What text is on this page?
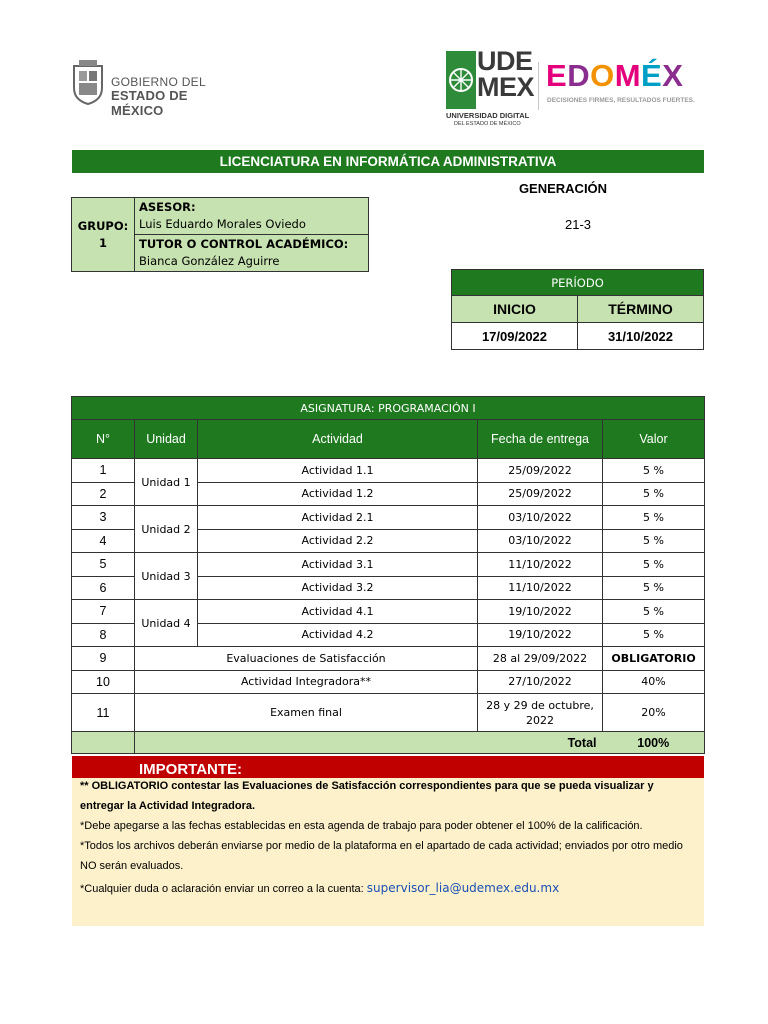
GOBIERNO DEL
ESTADO DE MÉXICO
UDE
MEX
UNIVERSIDAD DIGITAL
DEL ESTADO DE MÉXICO
EDOMÉX
DECISIONES FIRMES, RESULTADOS FUERTES.
LICENCIATURA EN INFORMÁTICA ADMINISTRATIVA
GENERACIÓN
21-3
GRUPO:
1

ASESOR:
Luis Eduardo Morales Oviedo

TUTOR O CONTROL ACADÉMICO:
Bianca González Aguirre
PERÍODO	
INICIO	TÉRMINO
17/09/2022	31/10/2022
ASIGNATURA: PROGRAMACIÓN I				
N°	Unidad	Actividad	Fecha de entrega	Valor
1	Unidad 1	Actividad 1.1	25/09/2022	5 %
2		Actividad 1.2	25/09/2022	5 %
3	Unidad 2	Actividad 2.1	03/10/2022	5 %
4		Actividad 2.2	03/10/2022	5 %
5	Unidad 3	Actividad 3.1	11/10/2022	5 %
6		Actividad 3.2	11/10/2022	5 %
7	Unidad 4	Actividad 4.1	19/10/2022	5 %
8		Actividad 4.2	19/10/2022	5 %
9	Evaluaciones de Satisfacción		28 al 29/09/2022	OBLIGATORIO
10	Actividad Integradora**		27/10/2022	40%
11	Examen final		28 y 29 de octubre, 2022	20%
	Total			100%
IMPORTANTE:
** OBLIGATORIO contestar las Evaluaciones de Satisfacción correspondientes para que se pueda visualizar y entregar la Actividad Integradora.
*Debe apegarse a las fechas establecidas en esta agenda de trabajo para poder obtener el 100% de la calificación.
*Todos los archivos deberán enviarse por medio de la plataforma en el apartado de cada actividad; enviados por otro medio NO serán evaluados.
*Cualquier duda o aclaración enviar un correo a la cuenta: supervisor_lia@udemex.edu.mx
